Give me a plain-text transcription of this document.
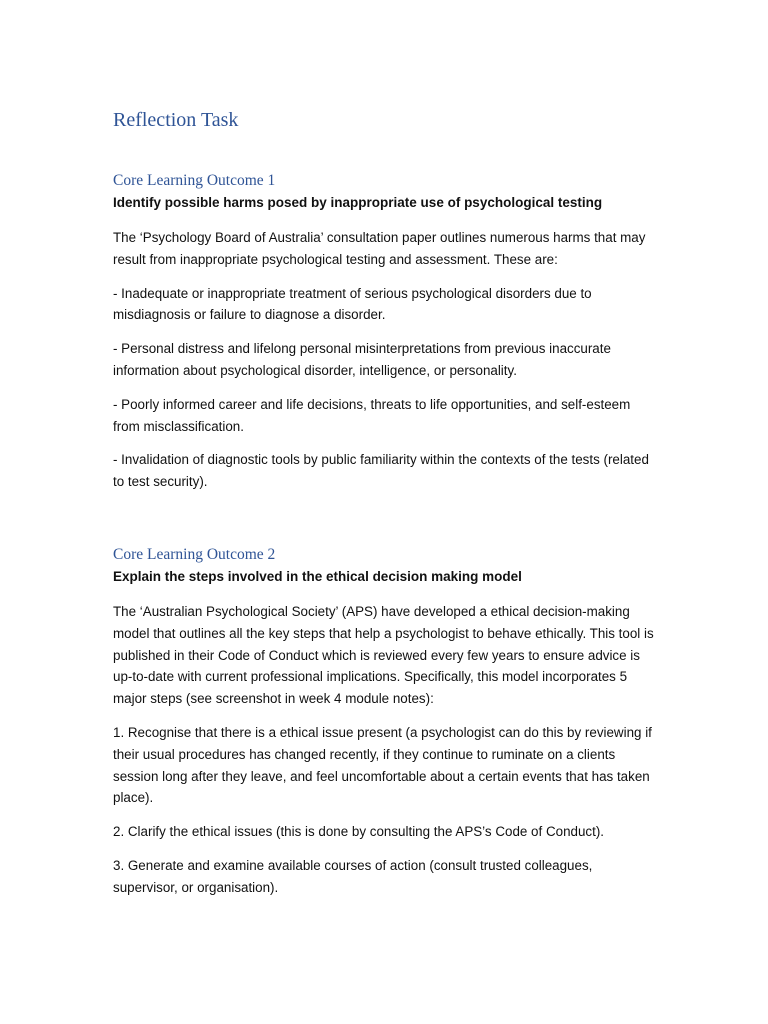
Reflection Task
Core Learning Outcome 1
Identify possible harms posed by inappropriate use of psychological testing

The ‘Psychology Board of Australia’ consultation paper outlines numerous harms that may result from inappropriate psychological testing and assessment. These are:

- Inadequate or inappropriate treatment of serious psychological disorders due to misdiagnosis or failure to diagnose a disorder.

- Personal distress and lifelong personal misinterpretations from previous inaccurate information about psychological disorder, intelligence, or personality.

- Poorly informed career and life decisions, threats to life opportunities, and self-esteem from misclassification.

- Invalidation of diagnostic tools by public familiarity within the contexts of the tests (related to test security).

Core Learning Outcome 2
Explain the steps involved in the ethical decision making model

The ‘Australian Psychological Society’ (APS) have developed a ethical decision-making model that outlines all the key steps that help a psychologist to behave ethically. This tool is published in their Code of Conduct which is reviewed every few years to ensure advice is up-to-date with current professional implications. Specifically, this model incorporates 5 major steps (see screenshot in week 4 module notes):

1. Recognise that there is a ethical issue present (a psychologist can do this by reviewing if their usual procedures has changed recently, if they continue to ruminate on a clients session long after they leave, and feel uncomfortable about a certain events that has taken place).

2. Clarify the ethical issues (this is done by consulting the APS’s Code of Conduct).

3. Generate and examine available courses of action (consult trusted colleagues, supervisor, or organisation).
